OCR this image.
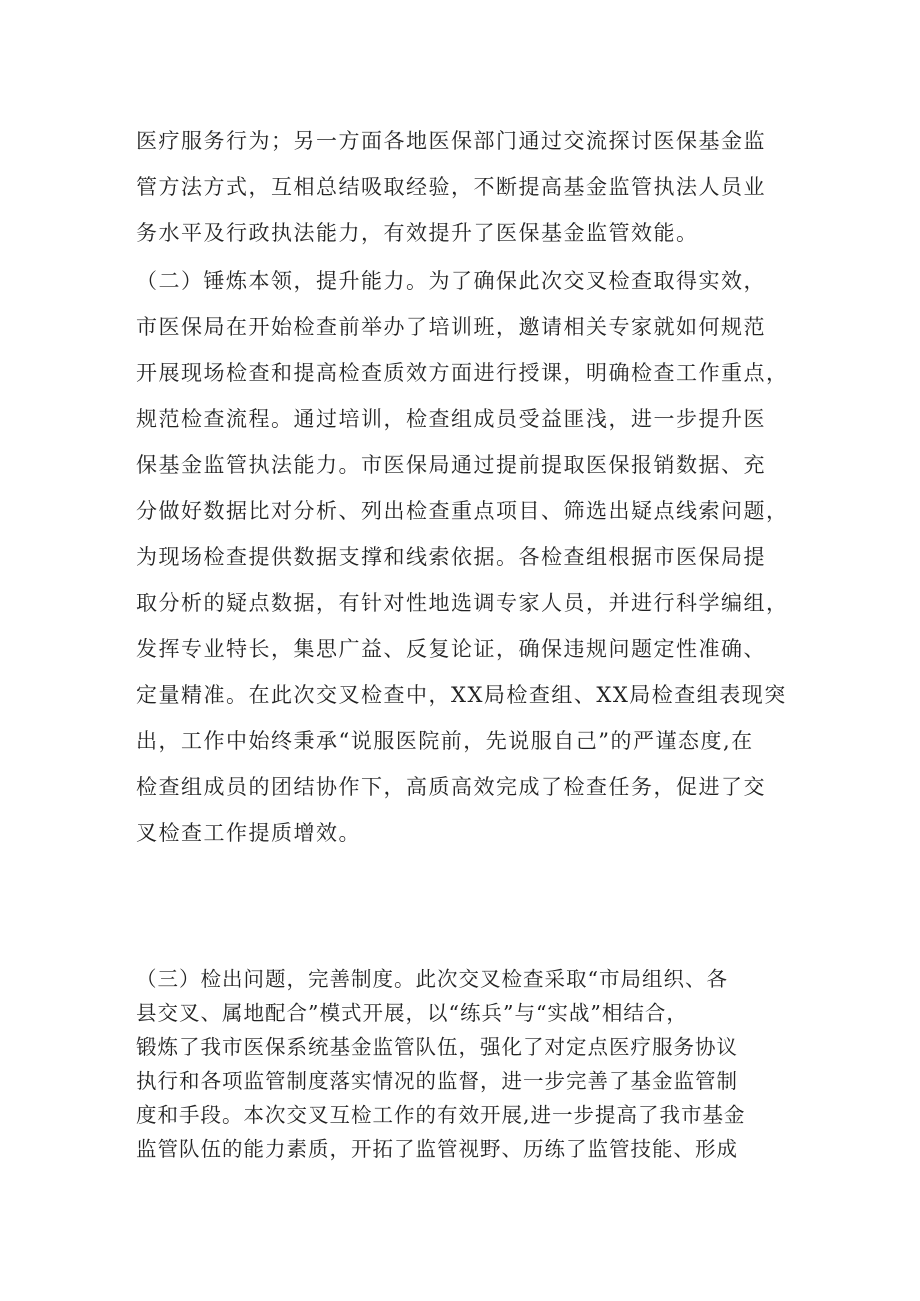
医疗服务行为；另一方面各地医保部门通过交流探讨医保基金监
管方法方式，互相总结吸取经验，不断提高基金监管执法人员业
务水平及行政执法能力，有效提升了医保基金监管效能。
（二）锤炼本领，提升能力。为了确保此次交叉检查取得实效，
市医保局在开始检查前举办了培训班，邀请相关专家就如何规范
开展现场检查和提高检查质效方面进行授课，明确检查工作重点，
规范检查流程。通过培训，检查组成员受益匪浅，进一步提升医
保基金监管执法能力。市医保局通过提前提取医保报销数据、充
分做好数据比对分析、列出检查重点项目、筛选出疑点线索问题，
为现场检查提供数据支撑和线索依据。各检查组根据市医保局提
取分析的疑点数据，有针对性地选调专家人员，并进行科学编组，
发挥专业特长，集思广益、反复论证，确保违规问题定性准确、
定量精准。在此次交叉检查中，XX局检查组、XX局检查组表现突
出，工作中始终秉承“说服医院前，先说服自己”的严谨态度,在
检查组成员的团结协作下，高质高效完成了检查任务，促进了交
叉检查工作提质增效。
（三）检出问题，完善制度。此次交叉检查采取“市局组织、各
县交叉、属地配合”模式开展，以“练兵”与“实战”相结合，
锻炼了我市医保系统基金监管队伍，强化了对定点医疗服务协议
执行和各项监管制度落实情况的监督，进一步完善了基金监管制
度和手段。本次交叉互检工作的有效开展,进一步提高了我市基金
监管队伍的能力素质，开拓了监管视野、历练了监管技能、形成
